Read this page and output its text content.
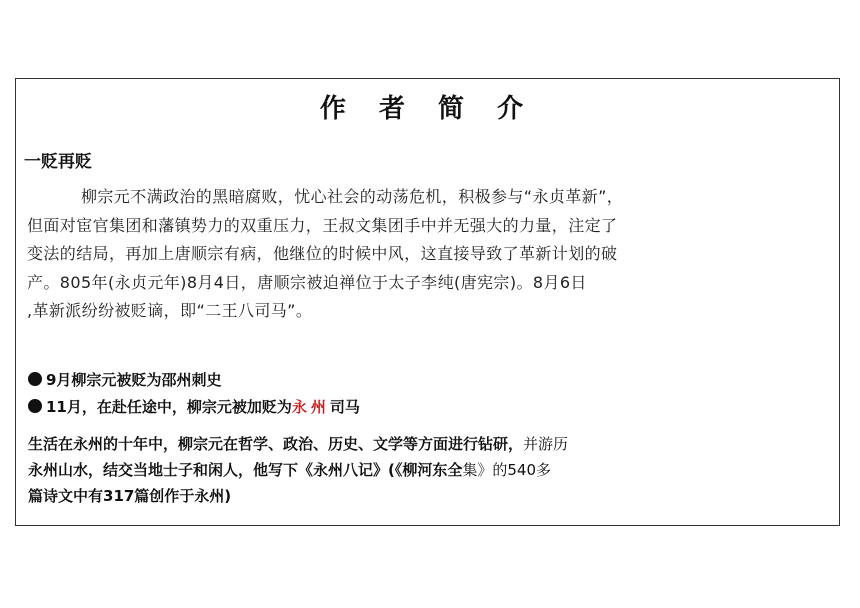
作 者 简 介
一贬再贬
柳宗元不满政治的黑暗腐败，忧心社会的动荡危机，积极参与“永贞革新”，
但面对宦官集团和藩镇势力的双重压力，王叔文集团手中并无强大的力量，注定了
变法的结局，再加上唐顺宗有病，他继位的时候中风，这直接导致了革新计划的破
产。805年(永贞元年)8月4日，唐顺宗被迫禅位于太子李纯(唐宪宗)。8月6日
,革新派纷纷被贬谪，即“二王八司马”。
9月柳宗元被贬为邵州刺史
11月，在赴任途中，柳宗元被加贬为永州司马
生活在永州的十年中，柳宗元在哲学、政治、历史、文学等方面进行钻研，并游历
永州山水，结交当地士子和闲人，他写下《永州八记》(《柳河东全集》的540多
篇诗文中有317篇创作于永州)
